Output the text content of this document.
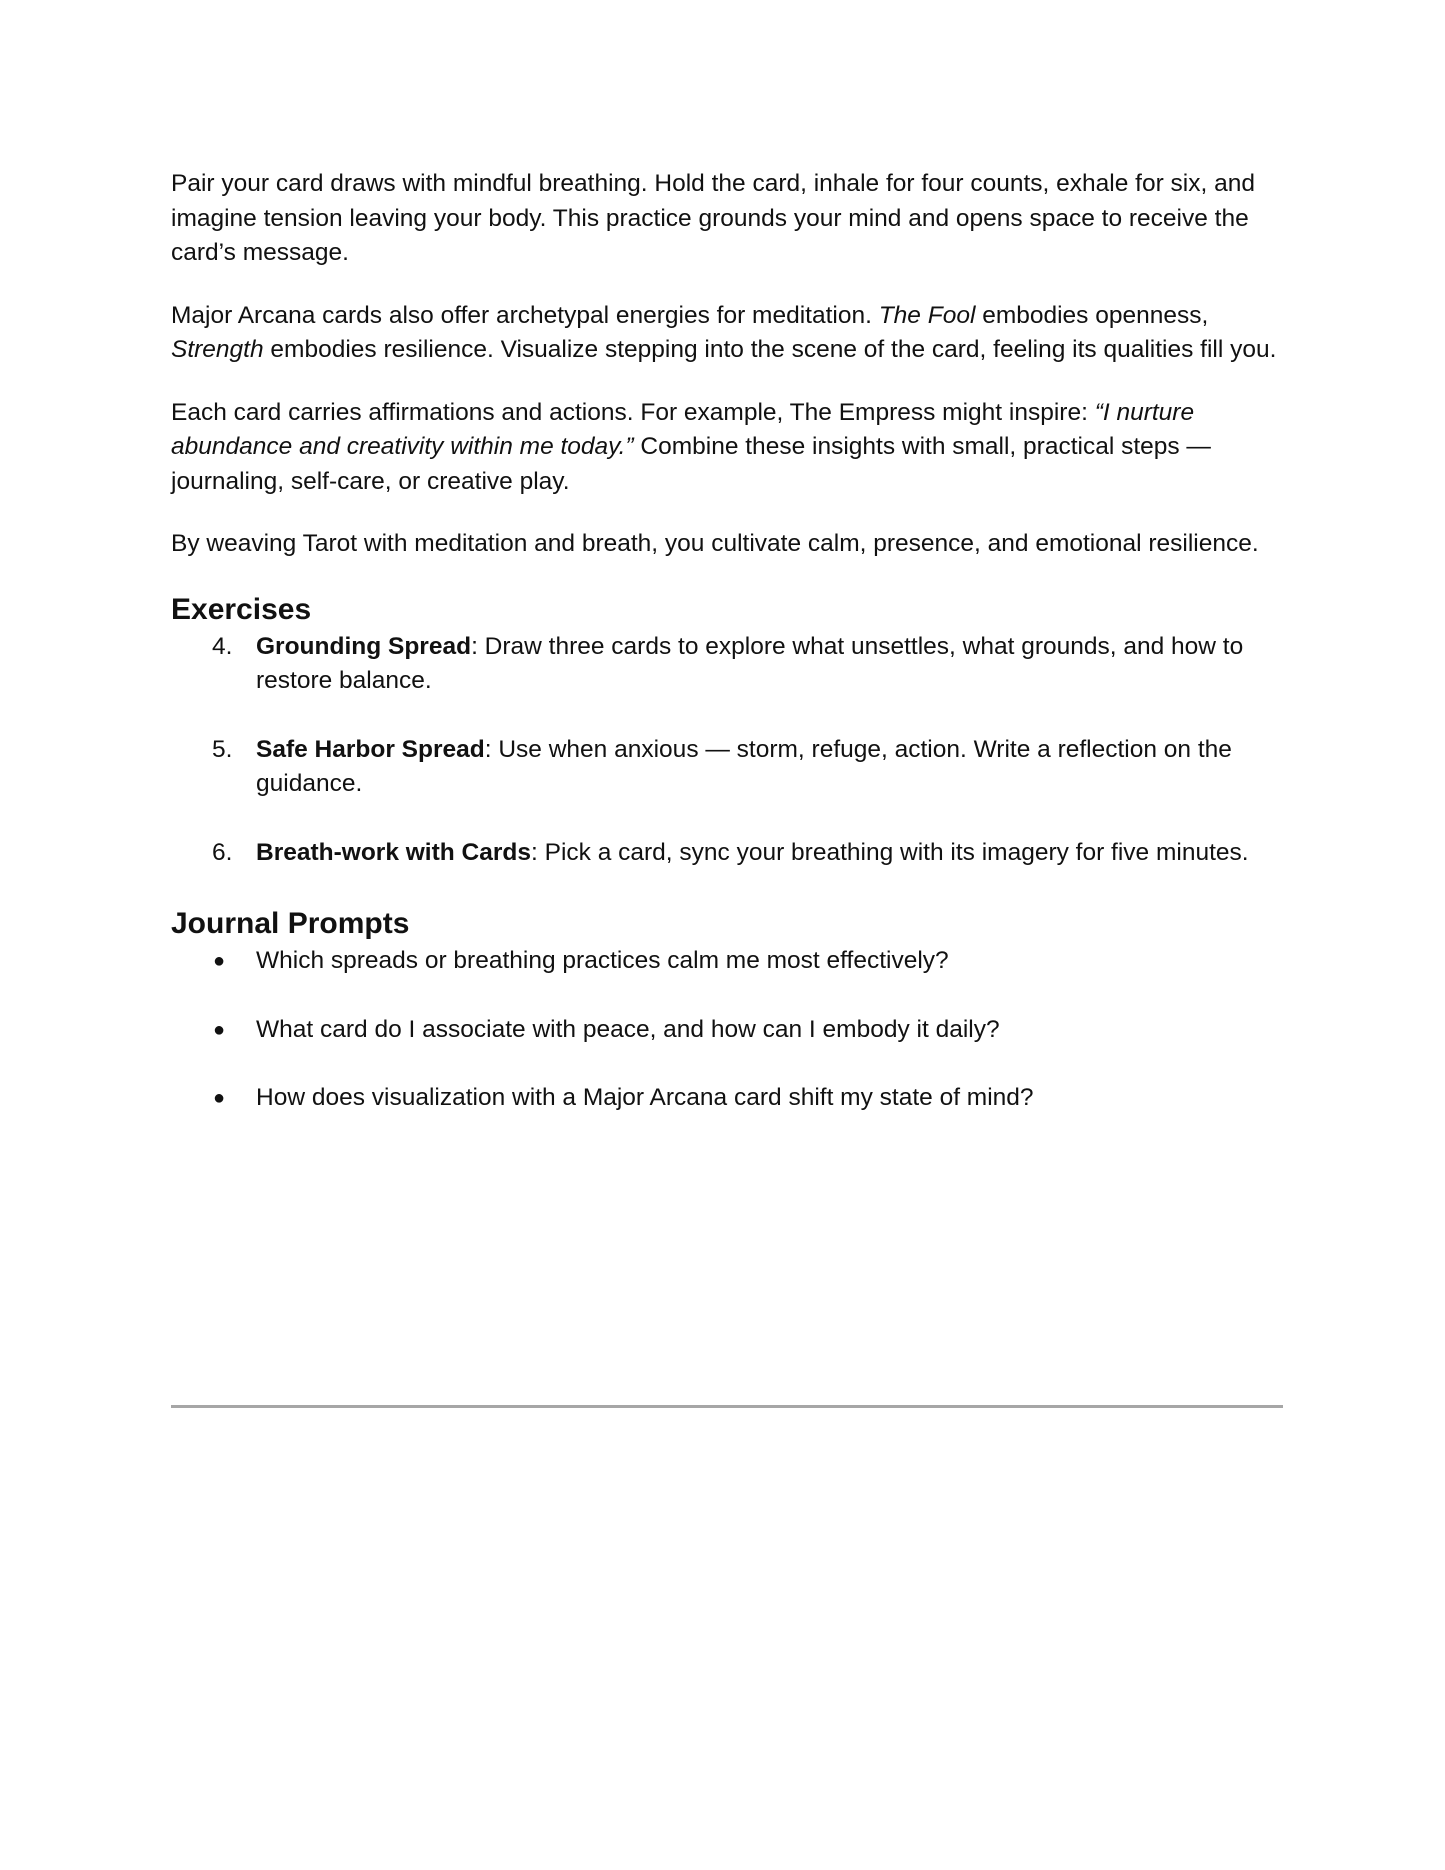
Pair your card draws with mindful breathing. Hold the card, inhale for four counts, exhale for six, and imagine tension leaving your body. This practice grounds your mind and opens space to receive the card’s message.

Major Arcana cards also offer archetypal energies for meditation. The Fool embodies openness, Strength embodies resilience. Visualize stepping into the scene of the card, feeling its qualities fill you.

Each card carries affirmations and actions. For example, The Empress might inspire: “I nurture abundance and creativity within me today.” Combine these insights with small, practical steps — journaling, self-care, or creative play.

By weaving Tarot with meditation and breath, you cultivate calm, presence, and emotional resilience.

Exercises
4. Grounding Spread: Draw three cards to explore what unsettles, what grounds, and how to restore balance.
5. Safe Harbor Spread: Use when anxious — storm, refuge, action. Write a reflection on the guidance.
6. Breath-work with Cards: Pick a card, sync your breathing with its imagery for five minutes.
Journal Prompts
● Which spreads or breathing practices calm me most effectively?
● What card do I associate with peace, and how can I embody it daily?
● How does visualization with a Major Arcana card shift my state of mind?
